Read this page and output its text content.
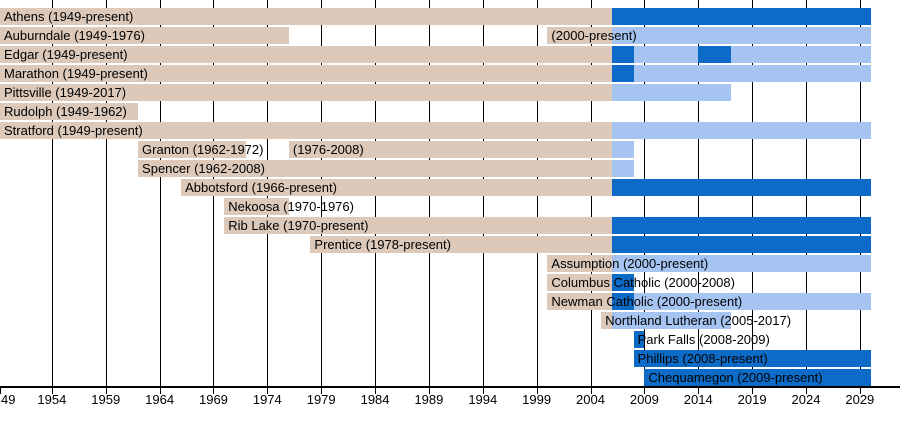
Athens (1949-present)
Auburndale (1949-1976)	(2000-present)
Edgar (1949-present)
Marathon (1949-present)
Pittsville (1949-2017)
Rudolph (1949-1962)
Stratford (1949-present)
Granton (1962-1972) (1976-2008)
Spencer (1962-2008)
Abbotsford (1966-present)
Nekoosa (1970-1976)
Rib Lake (1970-present)
Prentice (1978-present)
Assumption (2000-present)
Columbus Catholic (2000-2008)
Newman Catholic (2000-present)
Northland Lutheran (2005-2017)
Park Falls (2008-2009)
Phillips (2008-present)
Chequamegon (2009-present)
49 1954 1959 1964 1969 1974 1979 1984 1989 1994 1999 2004 2009 2014 2019 2024 2029
